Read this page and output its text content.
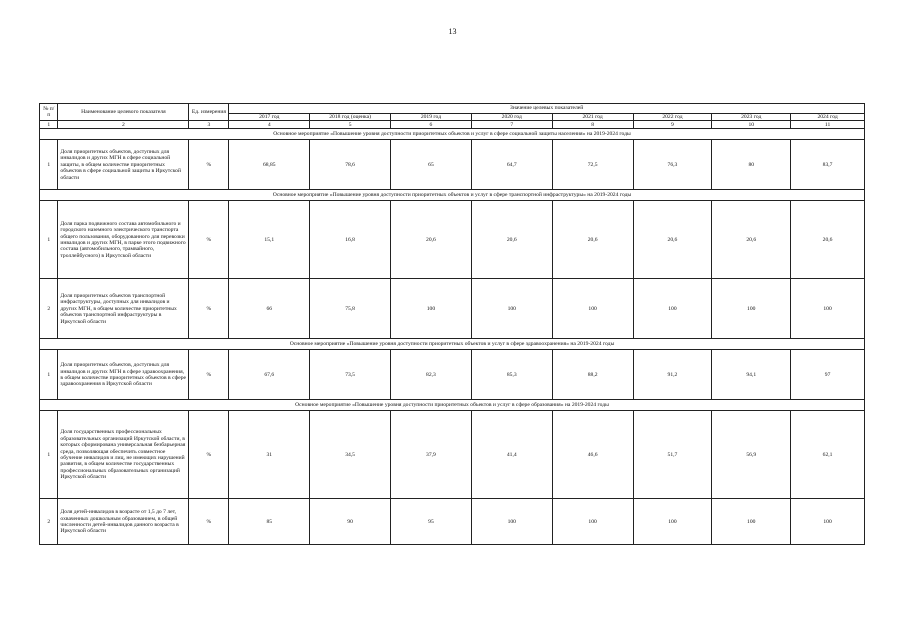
13
№ п/п	Наименование целевого показателя	Ед. измерения	Значение целевых показателей							
			2017 год	2018 год (оценка)	2019 год	2020 год	2021 год	2022 год	2023 год	2024 год
1	2	3	4	5	6	7	8	9	10	11
Основное мероприятие «Повышение уровня доступности приоритетных объектов и услуг в сфере социальной защиты населения» на 2019-2024 годы										
1	Доля приоритетных объектов, доступных для инвалидов и других МГН в сфере социальной защиты, в общем количестве приоритетных объектов в сфере социальной защиты в Иркутской области	%	68,85	78,6	65	64,7	72,5	76,3	80	83,7
Основное мероприятие «Повышение уровня доступности приоритетных объектов и услуг в сфере транспортной инфраструктуры» на 2019-2024 годы										
1	Доля парка подвижного состава автомобильного и городского наземного электрического транспорта общего пользования, оборудованного для перевозки инвалидов и других МГН, в парке этого подвижного состава (автомобильного, трамвайного, троллейбусного) в Иркутской области	%	15,1	16,8	20,6	20,6	20,6	20,6	20,6	20,6
2	Доля приоритетных объектов транспортной инфраструктуры, доступных для инвалидов и других МГН, в общем количестве приоритетных объектов транспортной инфраструктуры в Иркутской области	%	66	75,8	100	100	100	100	100	100
Основное мероприятие «Повышение уровня доступности приоритетных объектов и услуг в сфере здравоохранения» на 2019-2024 годы										
1	Доля приоритетных объектов, доступных для инвалидов и других МГН в сфере здравоохранения, в общем количестве приоритетных объектов в сфере здравоохранения в Иркутской области	%	67,6	73,5	82,3	85,3	88,2	91,2	94,1	97
Основное мероприятие «Повышение уровня доступности приоритетных объектов и услуг в сфере образования» на 2019-2024 годы										
1	Доля государственных профессиональных образовательных организаций Иркутской области, в которых сформирована универсальная безбарьерная среда, позволяющая обеспечить совместное обучение инвалидов и лиц, не имеющих нарушений развития, в общем количестве государственных профессиональных образовательных организаций Иркутской области	%	31	34,5	37,9	41,4	46,6	51,7	56,9	62,1
2	Доля детей-инвалидов в возрасте от 1,5 до 7 лет, охваченных дошкольным образованием, в общей численности детей-инвалидов данного возраста в Иркутской области	%	85	90	95	100	100	100	100	100
